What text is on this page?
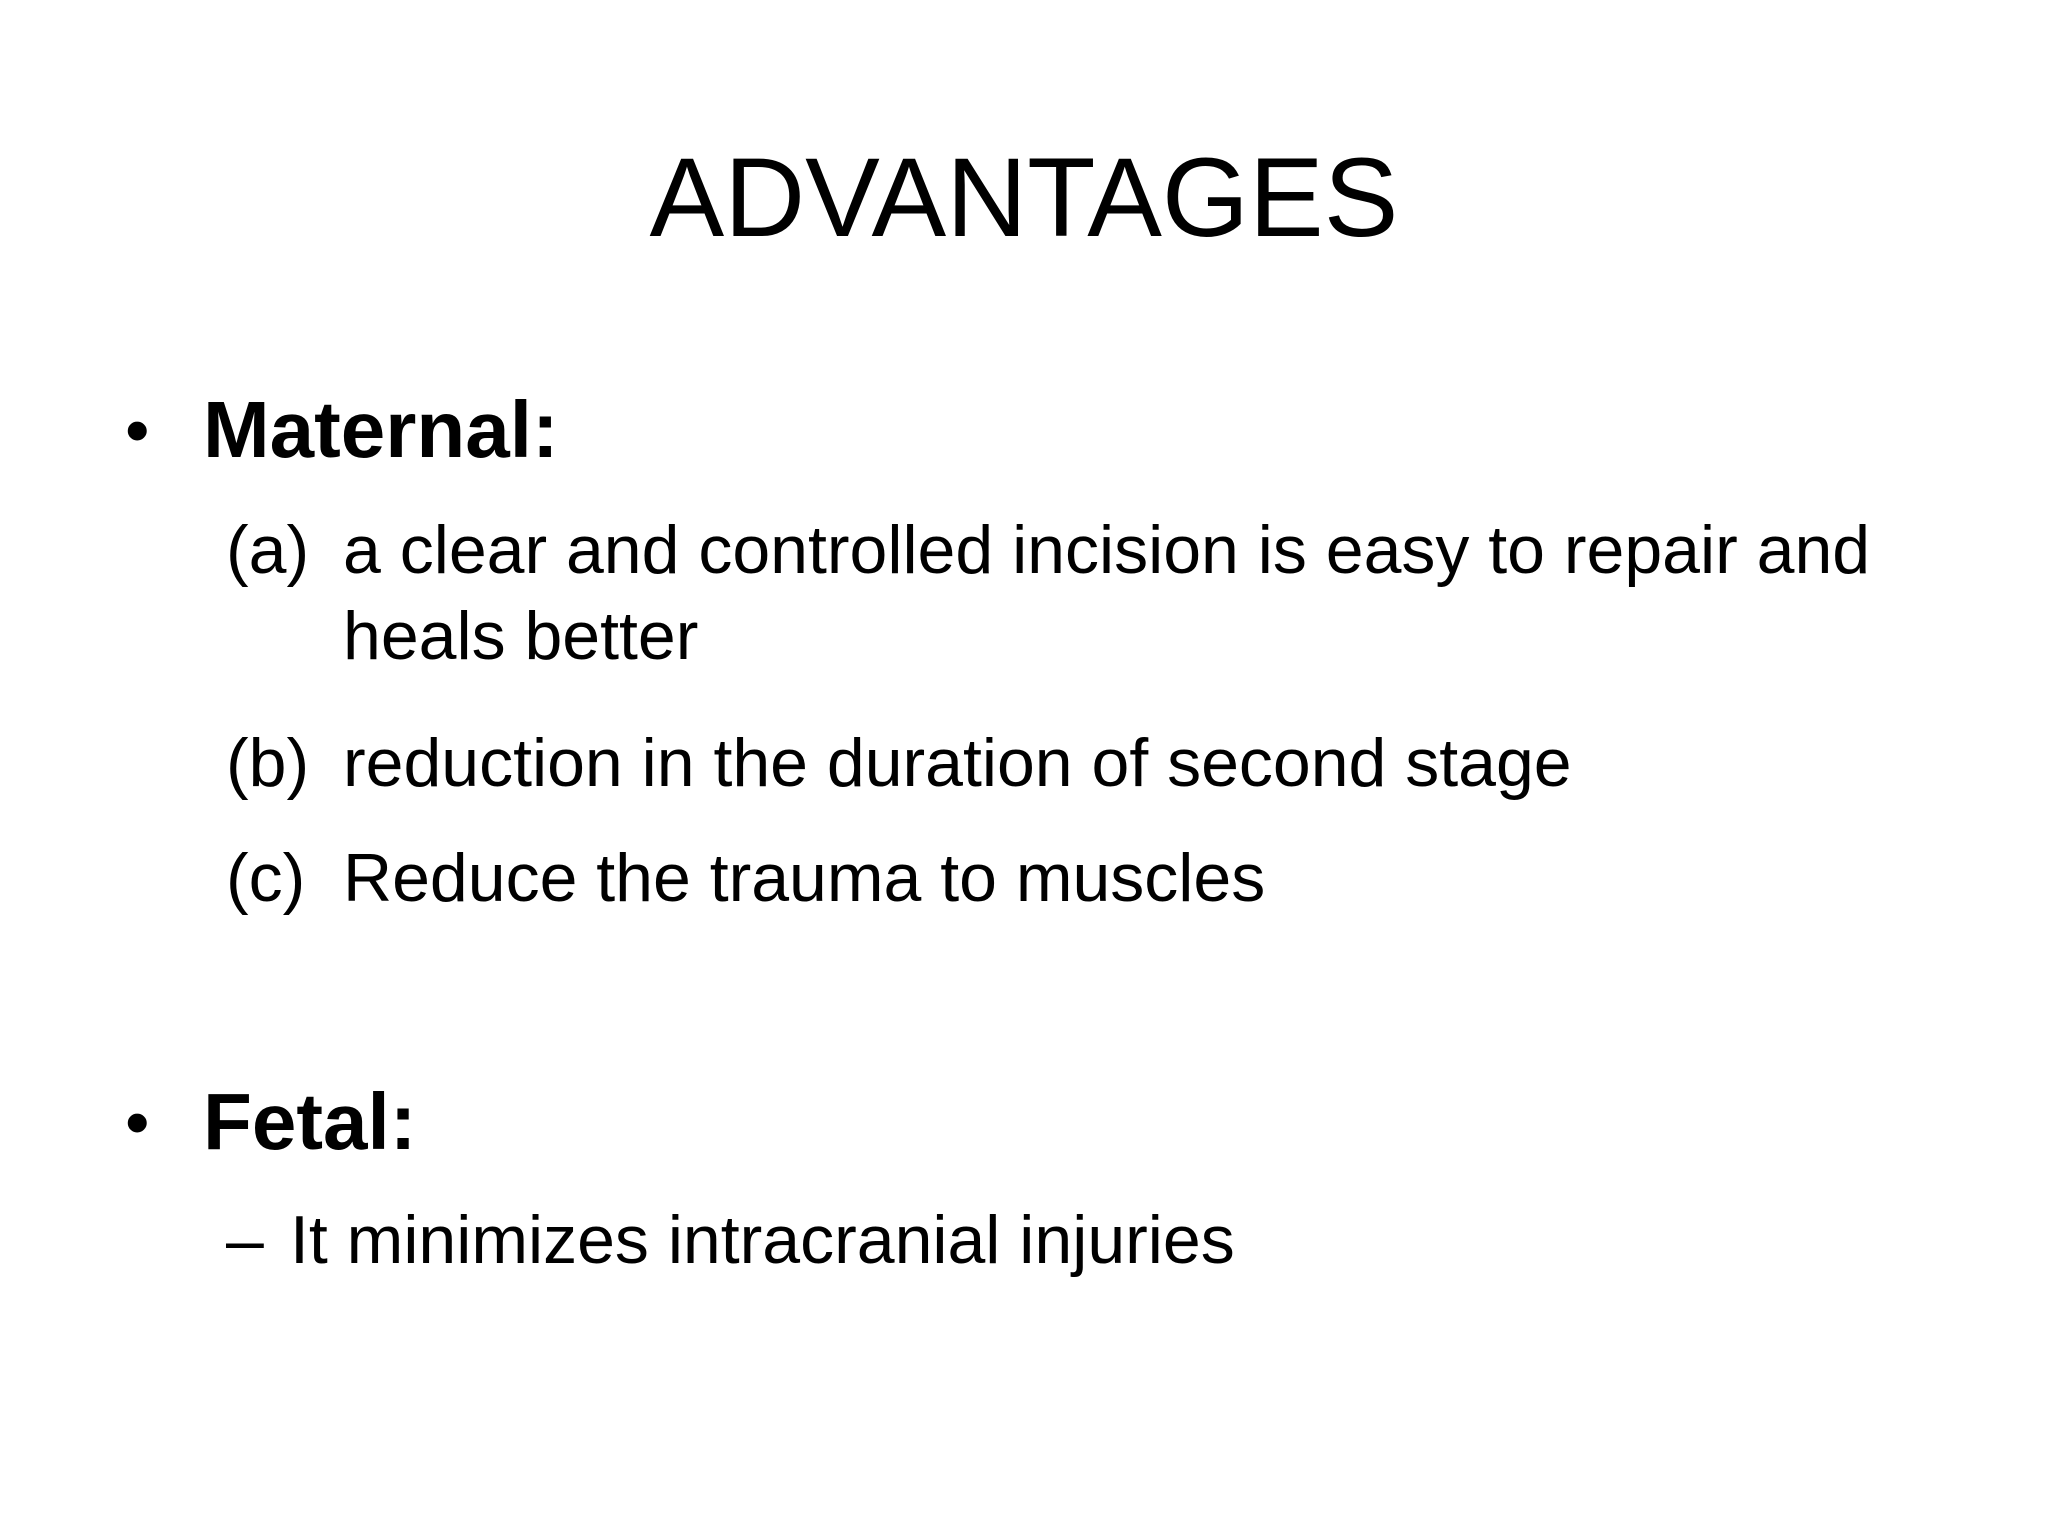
ADVANTAGES
• Maternal:
(a) a clear and controlled incision is easy to repair and heals better
(b) reduction in the duration of second stage
(c) Reduce the trauma to muscles
• Fetal:
– It minimizes intracranial injuries
